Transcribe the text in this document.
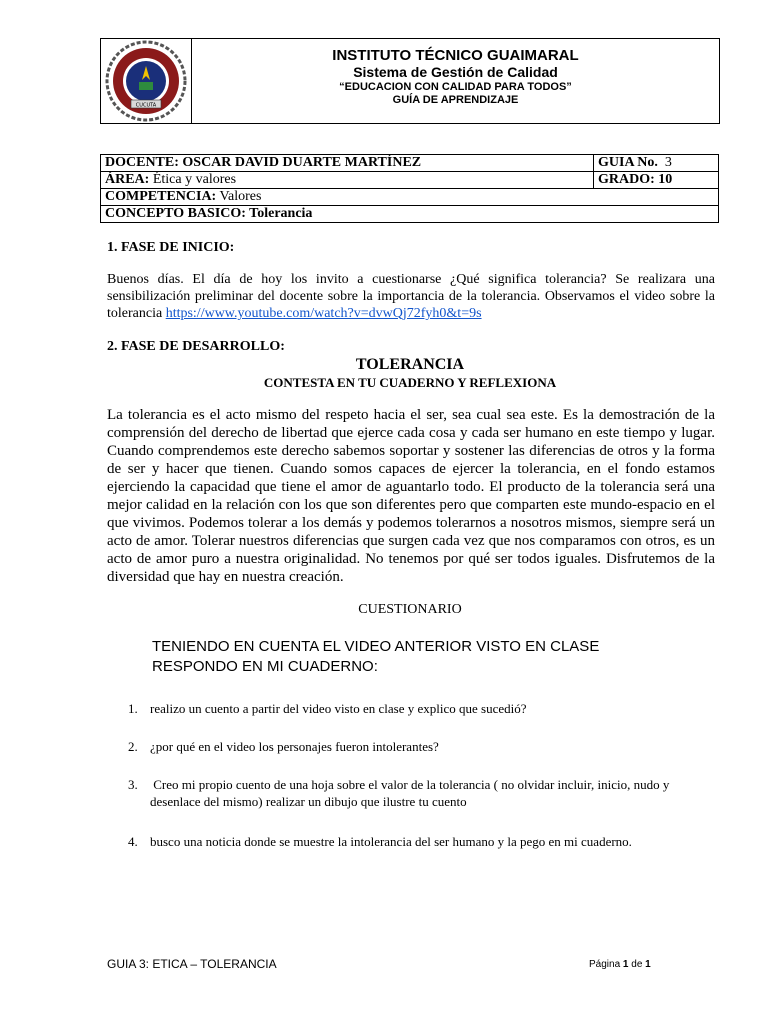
CUCUTA
INSTITUTO TÉCNICO GUAIMARAL
Sistema de Gestión de Calidad
“EDUCACION CON CALIDAD PARA TODOS”
GUÍA DE APRENDIZAJE
DOCENTE: OSCAR DAVID DUARTE MARTÍNEZ	GUIA No. 3
ÁREA: Ética y valores	GRADO: 10
COMPETENCIA: Valores	
CONCEPTO BASICO: Tolerancia	
1. FASE DE INICIO:
Buenos días. El día de hoy los invito a cuestionarse ¿Qué significa tolerancia? Se realizara una sensibilización preliminar del docente sobre la importancia de la tolerancia. Observamos el video sobre la tolerancia https://www.youtube.com/watch?v=dvwQj72fyh0&t=9s
2. FASE DE DESARROLLO:
TOLERANCIA
CONTESTA EN TU CUADERNO Y REFLEXIONA
La tolerancia es el acto mismo del respeto hacia el ser, sea cual sea este. Es la demostración de la comprensión del derecho de libertad que ejerce cada cosa y cada ser humano en este tiempo y lugar. Cuando comprendemos este derecho sabemos soportar y sostener las diferencias de otros y la forma de ser y hacer que tienen. Cuando somos capaces de ejercer la tolerancia, en el fondo estamos ejerciendo la capacidad que tiene el amor de aguantarlo todo. El producto de la tolerancia será una mejor calidad en la relación con los que son diferentes pero que comparten este mundo-espacio en el que vivimos. Podemos tolerar a los demás y podemos tolerarnos a nosotros mismos, siempre será un acto de amor. Tolerar nuestros diferencias que surgen cada vez que nos comparamos con otros, es un acto de amor puro a nuestra originalidad. No tenemos por qué ser todos iguales. Disfrutemos de la diversidad que hay en nuestra creación.
CUESTIONARIO
TENIENDO EN CUENTA EL VIDEO ANTERIOR VISTO EN CLASE RESPONDO EN MI CUADERNO:
1. realizo un cuento a partir del video visto en clase y explico que sucedió?
2. ¿por qué en el video los personajes fueron intolerantes?
3. Creo mi propio cuento de una hoja sobre el valor de la tolerancia ( no olvidar incluir, inicio, nudo y desenlace del mismo) realizar un dibujo que ilustre tu cuento
4. busco una noticia donde se muestre la intolerancia del ser humano y la pego en mi cuaderno.
GUIA 3: ETICA – TOLERANCIA	Página 1 de 1
